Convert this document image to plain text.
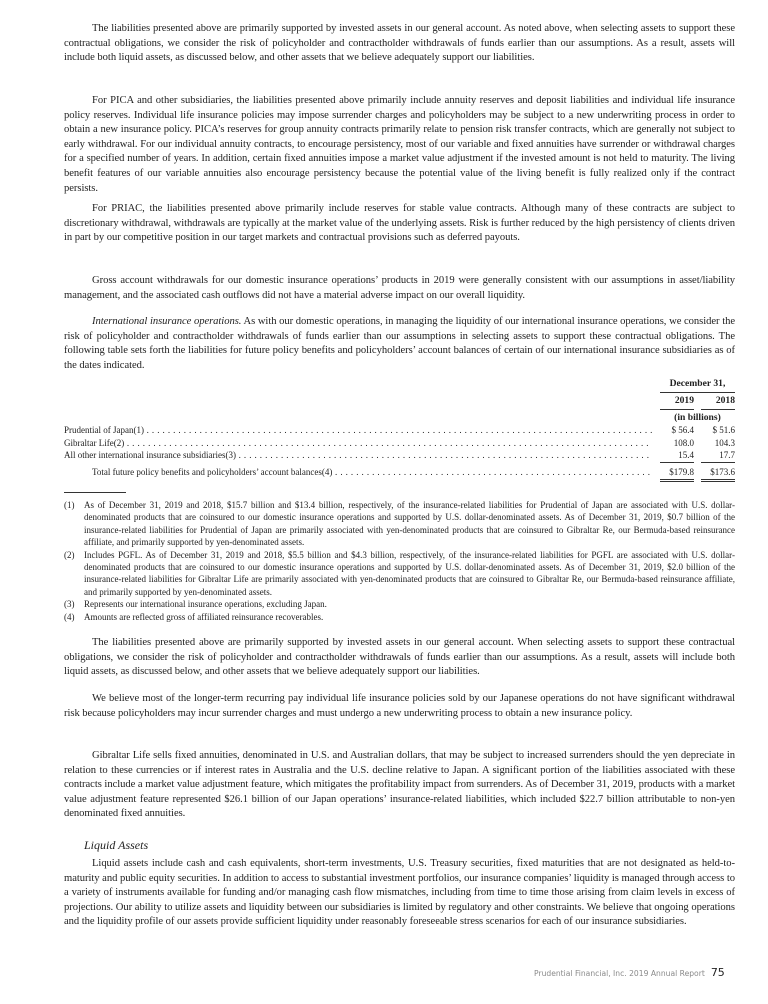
The liabilities presented above are primarily supported by invested assets in our general account. As noted above, when selecting assets to support these contractual obligations, we consider the risk of policyholder and contractholder withdrawals of funds earlier than our assumptions. As a result, assets will include both liquid assets, as discussed below, and other assets that we believe adequately support our liabilities.

For PICA and other subsidiaries, the liabilities presented above primarily include annuity reserves and deposit liabilities and individual life insurance policy reserves. Individual life insurance policies may impose surrender charges and policyholders may be subject to a new underwriting process in order to obtain a new insurance policy. PICA’s reserves for group annuity contracts primarily relate to pension risk transfer contracts, which are generally not subject to early withdrawal. For our individual annuity contracts, to encourage persistency, most of our variable and fixed annuities have surrender or withdrawal charges for a specified number of years. In addition, certain fixed annuities impose a market value adjustment if the invested amount is not held to maturity. The living benefit features of our variable annuities also encourage persistency because the potential value of the living benefit is fully realized only if the contract persists.

For PRIAC, the liabilities presented above primarily include reserves for stable value contracts. Although many of these contracts are subject to discretionary withdrawal, withdrawals are typically at the market value of the underlying assets. Risk is further reduced by the high persistency of clients driven in part by our competitive position in our target markets and contractual provisions such as deferred payouts.

Gross account withdrawals for our domestic insurance operations’ products in 2019 were generally consistent with our assumptions in asset/liability management, and the associated cash outflows did not have a material adverse impact on our overall liquidity.

International insurance operations. As with our domestic operations, in managing the liquidity of our international insurance operations, we consider the risk of policyholder and contractholder withdrawals of funds earlier than our assumptions in selecting assets to support these contractual obligations. The following table sets forth the liabilities for future policy benefits and policyholders’ account balances of certain of our international insurance subsidiaries as of the dates indicated.

December 31,
2019	2018
(in billions)
Prudential of Japan(1) . . .	$ 56.4	$ 51.6
Gibraltar Life(2) . . .	108.0	104.3
All other international insurance subsidiaries(3) . . .	15.4	17.7
Total future policy benefits and policyholders’ account balances(4) . . .	$179.8	$173.6
(1) As of December 31, 2019 and 2018, $15.7 billion and $13.4 billion, respectively, of the insurance-related liabilities for Prudential of Japan are associated with U.S. dollar-denominated products that are coinsured to our domestic insurance operations and supported by U.S. dollar-denominated assets. As of December 31, 2019, $0.7 billion of the insurance-related liabilities for Prudential of Japan are primarily associated with yen-denominated products that are coinsured to Gibraltar Re, our Bermuda-based reinsurance affiliate, and primarily supported by yen-denominated assets.
(2) Includes PGFL. As of December 31, 2019 and 2018, $5.5 billion and $4.3 billion, respectively, of the insurance-related liabilities for PGFL are associated with U.S. dollar-denominated products that are coinsured to our domestic insurance operations and supported by U.S. dollar-denominated assets. As of December 31, 2019, $2.0 billion of the insurance-related liabilities for Gibraltar Life are primarily associated with yen-denominated products that are coinsured to Gibraltar Re, our Bermuda-based reinsurance affiliate, and primarily supported by yen-denominated assets.
(3) Represents our international insurance operations, excluding Japan.
(4) Amounts are reflected gross of affiliated reinsurance recoverables.

The liabilities presented above are primarily supported by invested assets in our general account. When selecting assets to support these contractual obligations, we consider the risk of policyholder and contractholder withdrawals of funds earlier than our assumptions. As a result, assets will include both liquid assets, as discussed below, and other assets that we believe adequately support our liabilities.

We believe most of the longer-term recurring pay individual life insurance policies sold by our Japanese operations do not have significant withdrawal risk because policyholders may incur surrender charges and must undergo a new underwriting process to obtain a new insurance policy.

Gibraltar Life sells fixed annuities, denominated in U.S. and Australian dollars, that may be subject to increased surrenders should the yen depreciate in relation to these currencies or if interest rates in Australia and the U.S. decline relative to Japan. A significant portion of the liabilities associated with these contracts include a market value adjustment feature, which mitigates the profitability impact from surrenders. As of December 31, 2019, products with a market value adjustment feature represented $26.1 billion of our Japan operations’ insurance-related liabilities, which included $22.7 billion attributable to non-yen denominated fixed annuities.

Liquid Assets

Liquid assets include cash and cash equivalents, short-term investments, U.S. Treasury securities, fixed maturities that are not designated as held-to-maturity and public equity securities. In addition to access to substantial investment portfolios, our insurance companies’ liquidity is managed through access to a variety of instruments available for funding and/or managing cash flow mismatches, including from time to time those arising from claim levels in excess of projections. Our ability to utilize assets and liquidity between our subsidiaries is limited by regulatory and other constraints. We believe that ongoing operations and the liquidity profile of our assets provide sufficient liquidity under reasonably foreseeable stress scenarios for each of our insurance subsidiaries.

Prudential Financial, Inc. 2019 Annual Report 75
